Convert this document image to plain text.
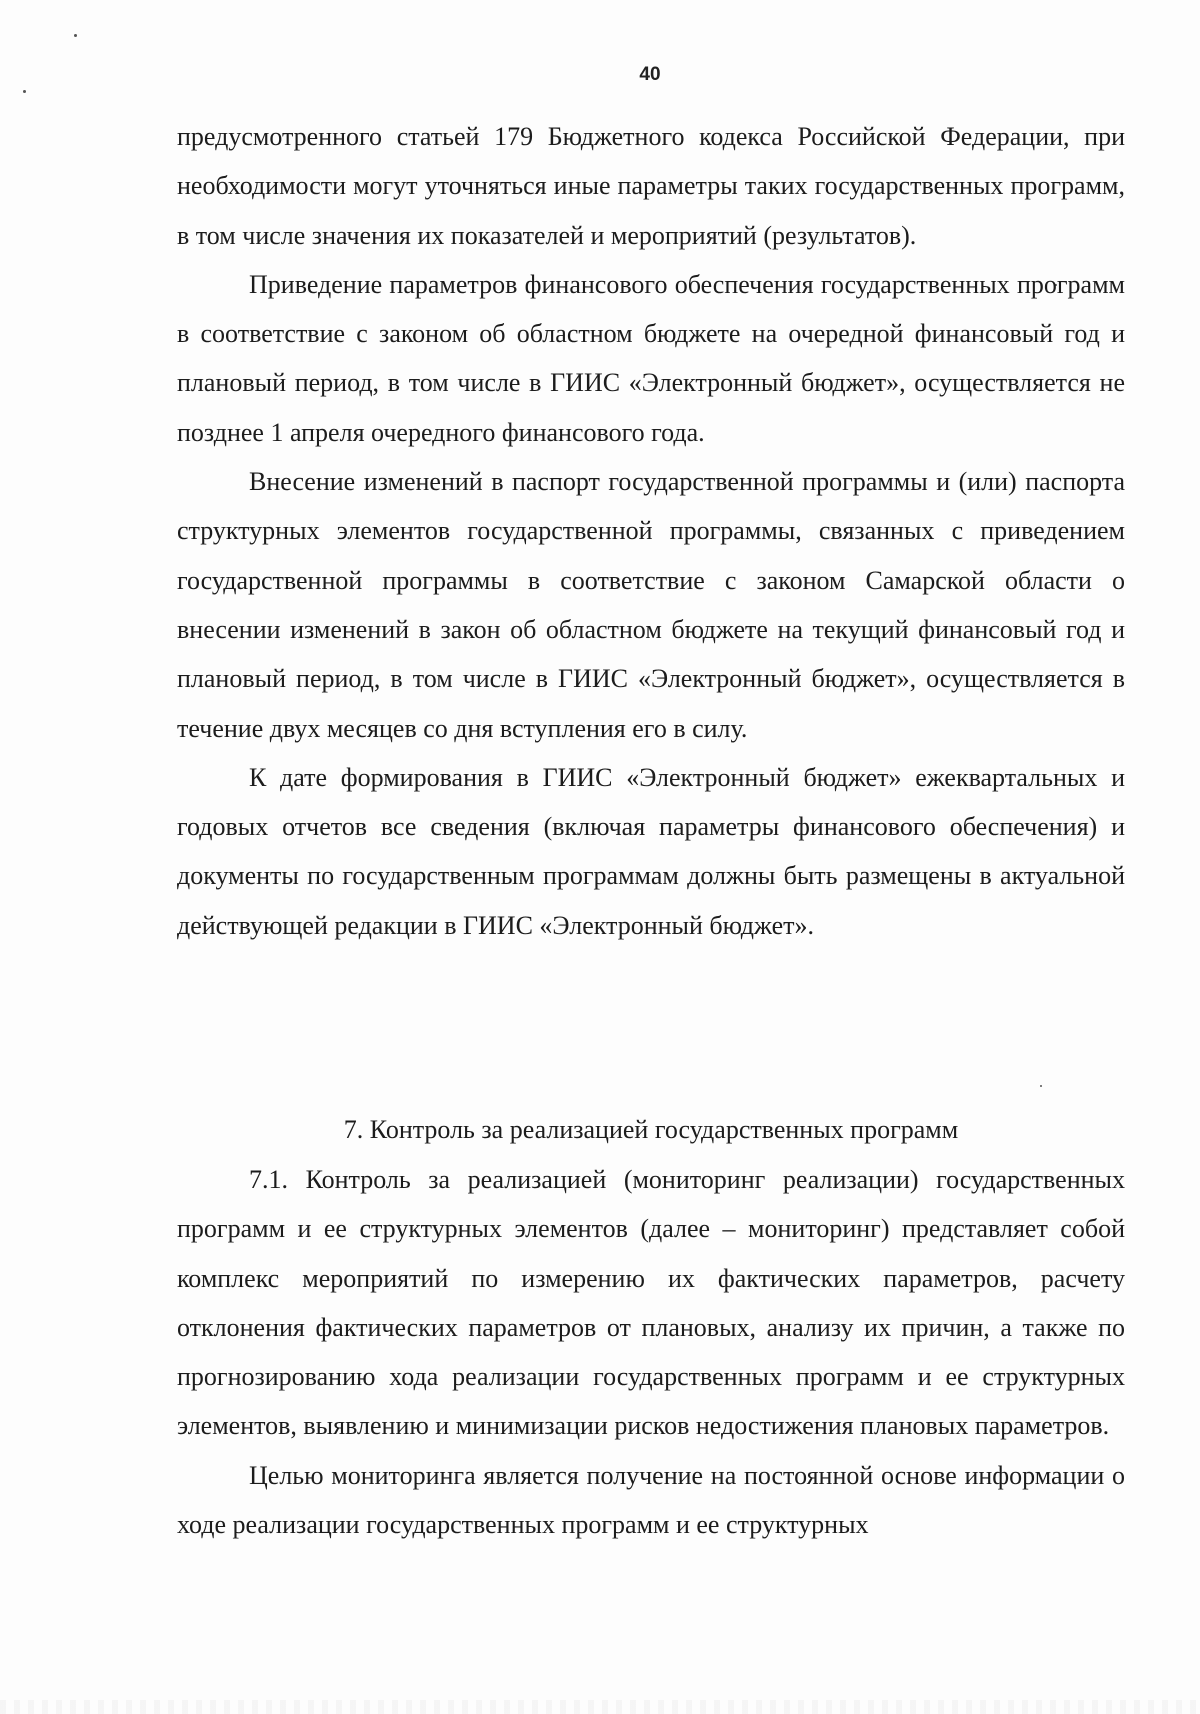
40

предусмотренного статьей 179 Бюджетного кодекса Российской Федерации, при необходимости могут уточняться иные параметры таких государственных программ, в том числе значения их показателей и мероприятий (результатов).

Приведение параметров финансового обеспечения государственных программ в соответствие с законом об областном бюджете на очередной финансовый год и плановый период, в том числе в ГИИС «Электронный бюджет», осуществляется не позднее 1 апреля очередного финансового года.

Внесение изменений в паспорт государственной программы и (или) паспорта структурных элементов государственной программы, связанных с приведением государственной программы в соответствие с законом Самарской области о внесении изменений в закон об областном бюджете на текущий финансовый год и плановый период, в том числе в ГИИС «Электронный бюджет», осуществляется в течение двух месяцев со дня вступления его в силу.

К дате формирования в ГИИС «Электронный бюджет» ежеквартальных и годовых отчетов все сведения (включая параметры финансового обеспечения) и документы по государственным программам должны быть размещены в актуальной действующей редакции в ГИИС «Электронный бюджет».

7. Контроль за реализацией государственных программ

7.1. Контроль за реализацией (мониторинг реализации) государственных программ и ее структурных элементов (далее – мониторинг) представляет собой комплекс мероприятий по измерению их фактических параметров, расчету отклонения фактических параметров от плановых, анализу их причин, а также по прогнозированию хода реализации государственных программ и ее структурных элементов, выявлению и минимизации рисков недостижения плановых параметров.

Целью мониторинга является получение на постоянной основе информации о ходе реализации государственных программ и ее структурных
